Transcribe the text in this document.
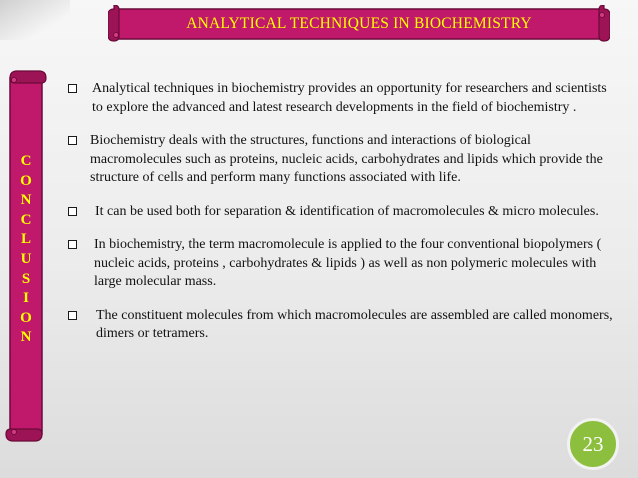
ANALYTICAL TECHNIQUES IN BIOCHEMISTRY
C
O
N
C
L
U
S
I
O
N

Analytical techniques in biochemistry provides an opportunity for researchers and scientists to explore the advanced and latest research developments in the field of biochemistry .

Biochemistry deals with the structures, functions and interactions of biological macromolecules such as proteins, nucleic acids, carbohydrates and lipids which provide the structure of cells and perform many functions associated with life.

It can be used both for separation & identification of macromolecules & micro molecules.

In biochemistry, the term macromolecule is applied to the four conventional biopolymers ( nucleic acids, proteins , carbohydrates & lipids ) as well as non polymeric molecules with large molecular mass.

The constituent molecules from which macromolecules are assembled are called monomers, dimers or tetramers.

23
